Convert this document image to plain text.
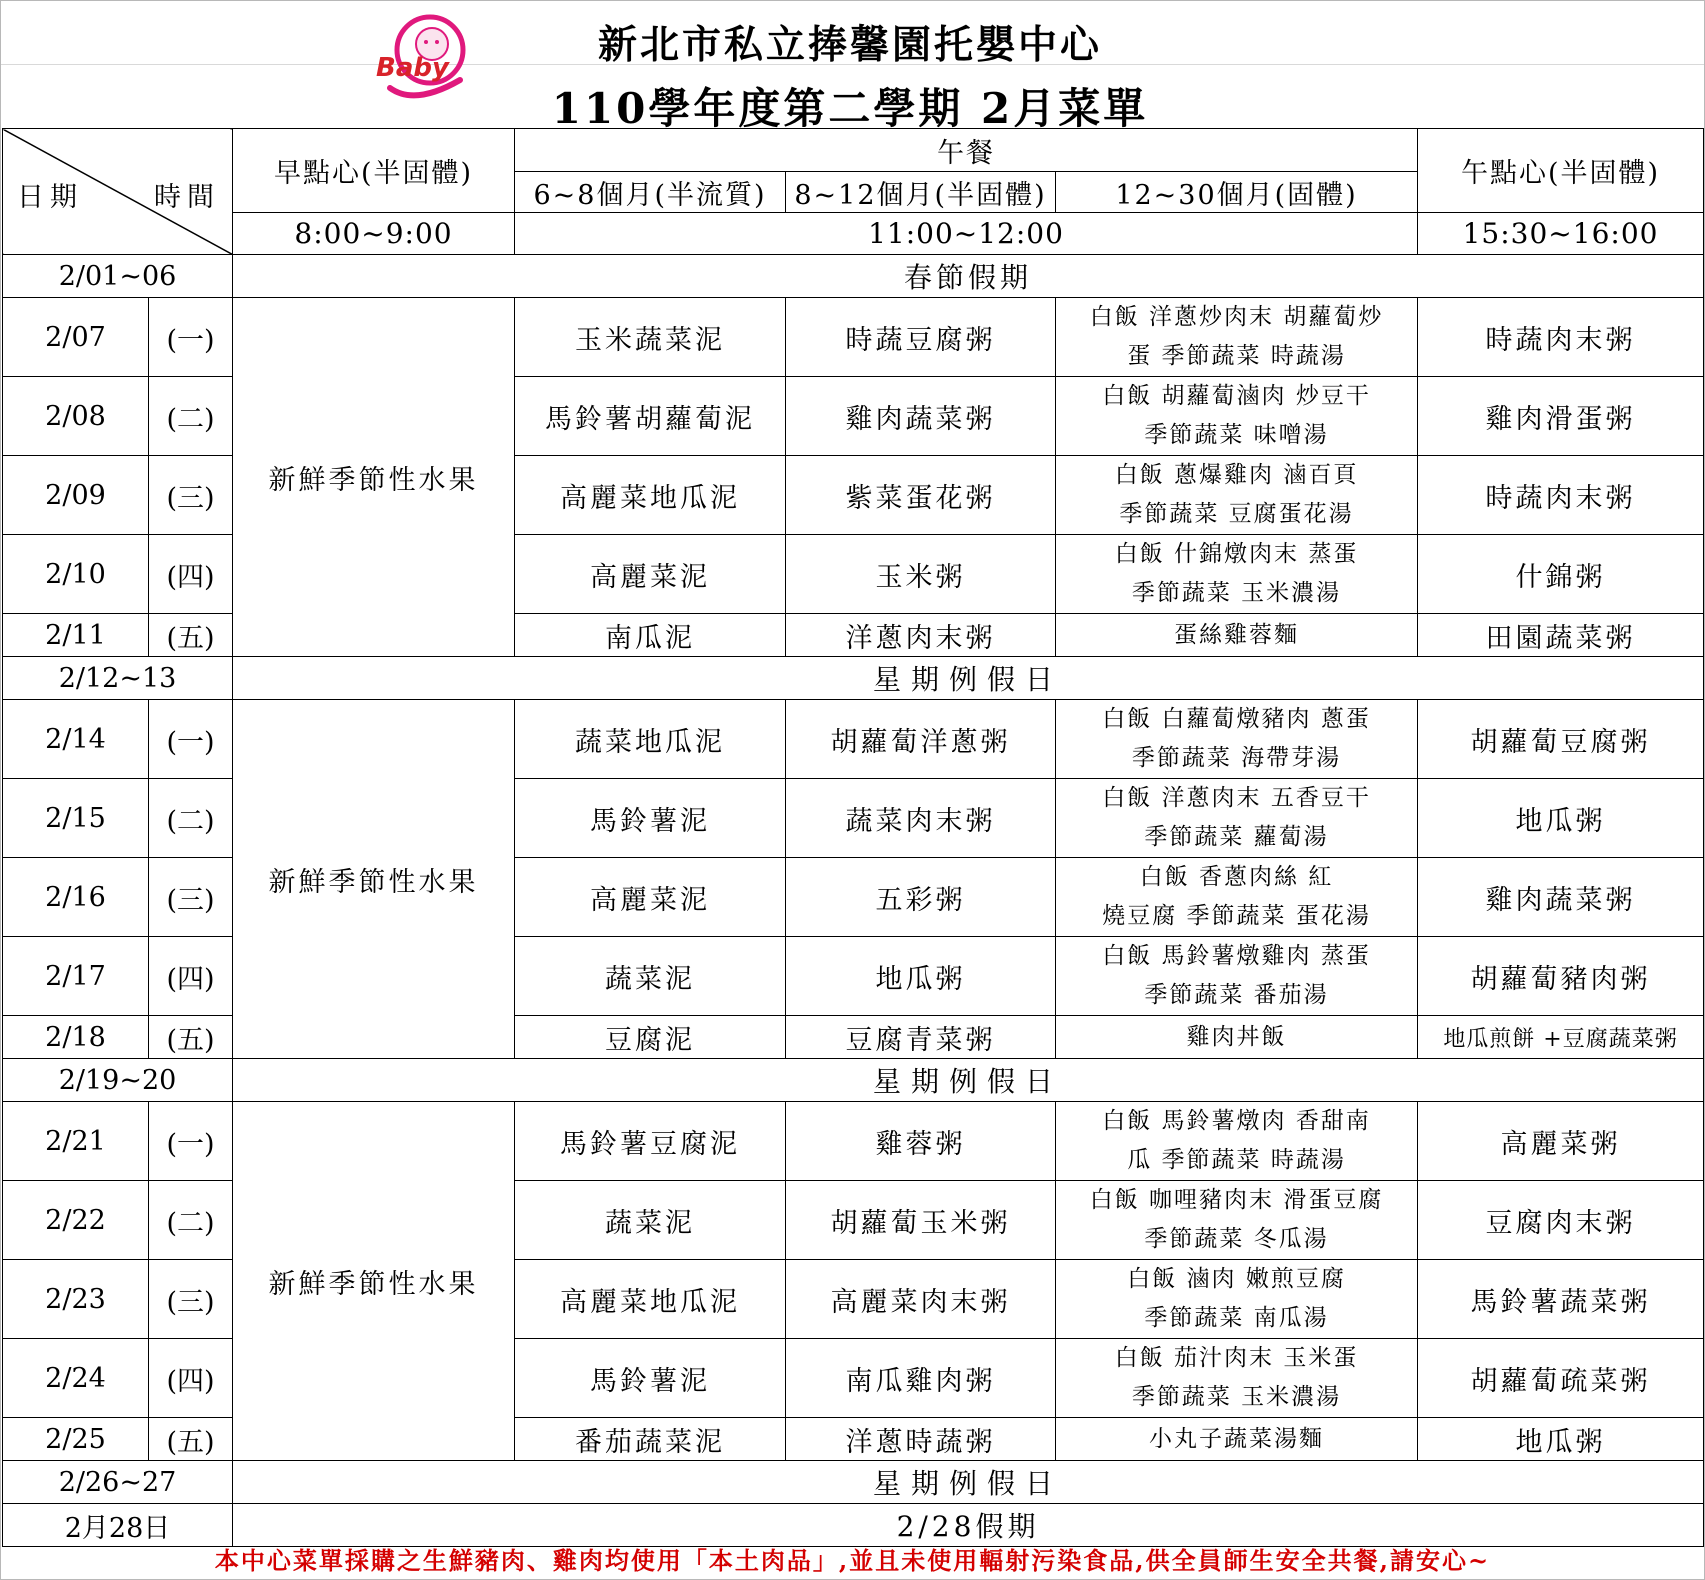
Baby	新北市私立捧馨園托嬰中心
110學年度第二學期 2月菜單
日期 時間		早點心(半固體)	午餐			午點心(半固體)
			6~8個月(半流質)	8~12個月(半固體)	12~30個月(固體)	
		8:00~9:00	11:00~12:00			15:30~16:00
2/01~06		春節假期				
2/07	(一)	新鮮季節性水果	玉米蔬菜泥	時蔬豆腐粥	白飯 洋蔥炒肉末 胡蘿蔔炒
蛋 季節蔬菜 時蔬湯	時蔬肉末粥
2/08	(二)		馬鈴薯胡蘿蔔泥	雞肉蔬菜粥	白飯 胡蘿蔔滷肉 炒豆干
季節蔬菜 味噌湯	雞肉滑蛋粥
2/09	(三)		高麗菜地瓜泥	紫菜蛋花粥	白飯 蔥爆雞肉 滷百頁
季節蔬菜 豆腐蛋花湯	時蔬肉末粥
2/10	(四)		高麗菜泥	玉米粥	白飯 什錦燉肉末 蒸蛋
季節蔬菜 玉米濃湯	什錦粥
2/11	(五)		南瓜泥	洋蔥肉末粥	蛋絲雞蓉麵	田園蔬菜粥
2/12~13		星期例假日				
2/14	(一)	新鮮季節性水果	蔬菜地瓜泥	胡蘿蔔洋蔥粥	白飯 白蘿蔔燉豬肉 蔥蛋
季節蔬菜 海帶芽湯	胡蘿蔔豆腐粥
2/15	(二)		馬鈴薯泥	蔬菜肉末粥	白飯 洋蔥肉末 五香豆干
季節蔬菜 蘿蔔湯	地瓜粥
2/16	(三)		高麗菜泥	五彩粥	白飯 香蔥肉絲 紅
燒豆腐 季節蔬菜 蛋花湯	雞肉蔬菜粥
2/17	(四)		蔬菜泥	地瓜粥	白飯 馬鈴薯燉雞肉 蒸蛋
季節蔬菜 番茄湯	胡蘿蔔豬肉粥
2/18	(五)		豆腐泥	豆腐青菜粥	雞肉丼飯	地瓜煎餅 +豆腐蔬菜粥
2/19~20		星期例假日				
2/21	(一)	新鮮季節性水果	馬鈴薯豆腐泥	雞蓉粥	白飯 馬鈴薯燉肉 香甜南
瓜 季節蔬菜 時蔬湯	高麗菜粥
2/22	(二)		蔬菜泥	胡蘿蔔玉米粥	白飯 咖哩豬肉末 滑蛋豆腐
季節蔬菜 冬瓜湯	豆腐肉末粥
2/23	(三)		高麗菜地瓜泥	高麗菜肉末粥	白飯 滷肉 嫩煎豆腐
季節蔬菜 南瓜湯	馬鈴薯蔬菜粥
2/24	(四)		馬鈴薯泥	南瓜雞肉粥	白飯 茄汁肉末 玉米蛋
季節蔬菜 玉米濃湯	胡蘿蔔疏菜粥
2/25	(五)		番茄蔬菜泥	洋蔥時蔬粥	小丸子蔬菜湯麵	地瓜粥
2/26~27		星期例假日				
2月28日		2/28假期				
本中心菜單採購之生鮮豬肉、雞肉均使用「本土肉品」,並且未使用輻射污染食品,供全員師生安全共餐,請安心~
